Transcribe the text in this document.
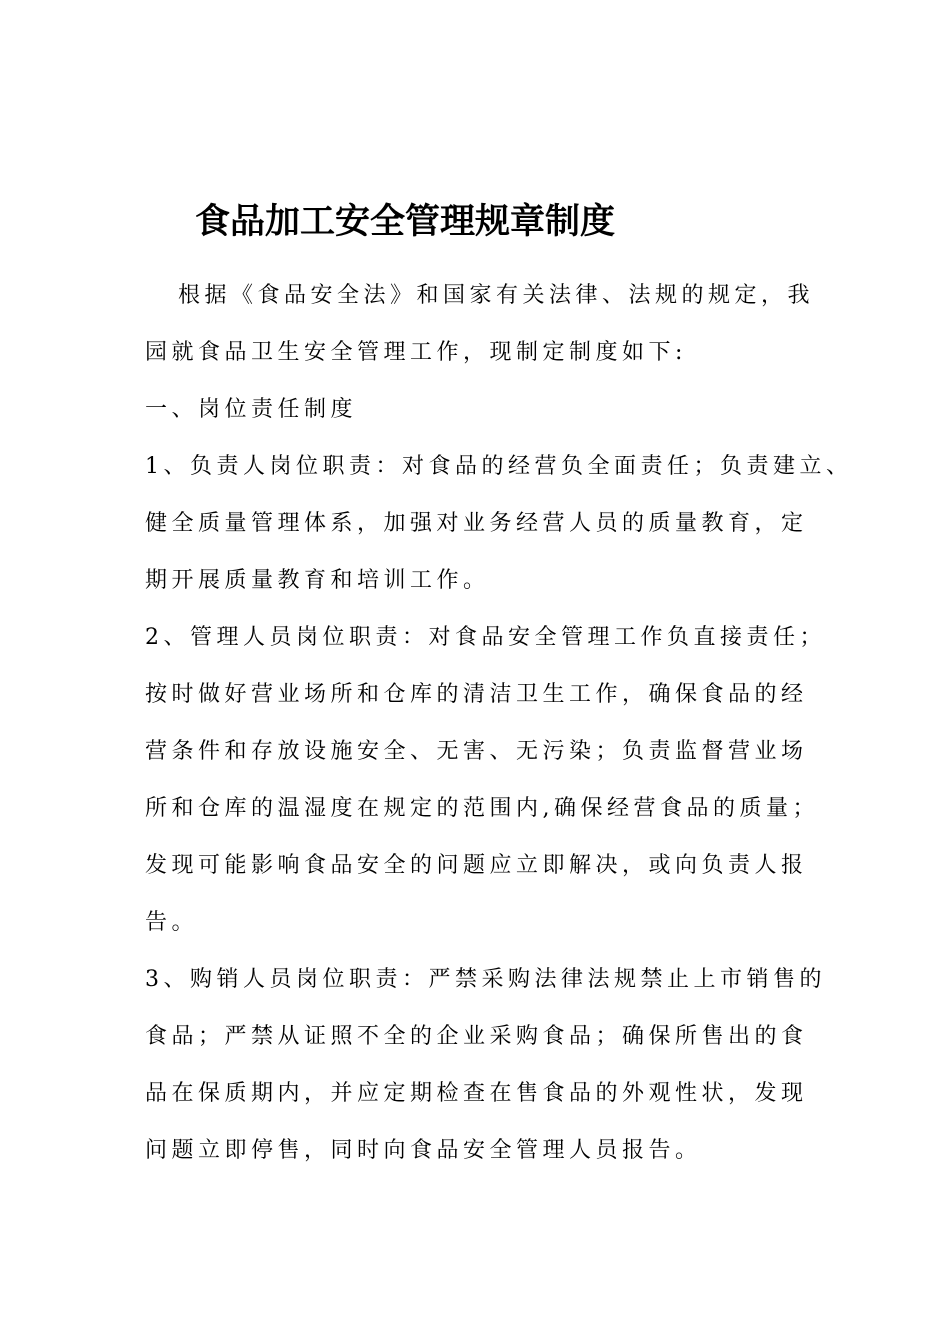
食品加工安全管理规章制度
根据《食品安全法》和国家有关法律、法规的规定，我
园就食品卫生安全管理工作，现制定制度如下:
一、岗位责任制度
1、负责人岗位职责：对食品的经营负全面责任；负责建立、
健全质量管理体系，加强对业务经营人员的质量教育，定
期开展质量教育和培训工作。
2、管理人员岗位职责：对食品安全管理工作负直接责任；
按时做好营业场所和仓库的清洁卫生工作，确保食品的经
营条件和存放设施安全、无害、无污染；负责监督营业场
所和仓库的温湿度在规定的范围内,确保经营食品的质量；
发现可能影响食品安全的问题应立即解决，或向负责人报
告。
3、购销人员岗位职责：严禁采购法律法规禁止上市销售的
食品；严禁从证照不全的企业采购食品；确保所售出的食
品在保质期内，并应定期检查在售食品的外观性状，发现
问题立即停售，同时向食品安全管理人员报告。
